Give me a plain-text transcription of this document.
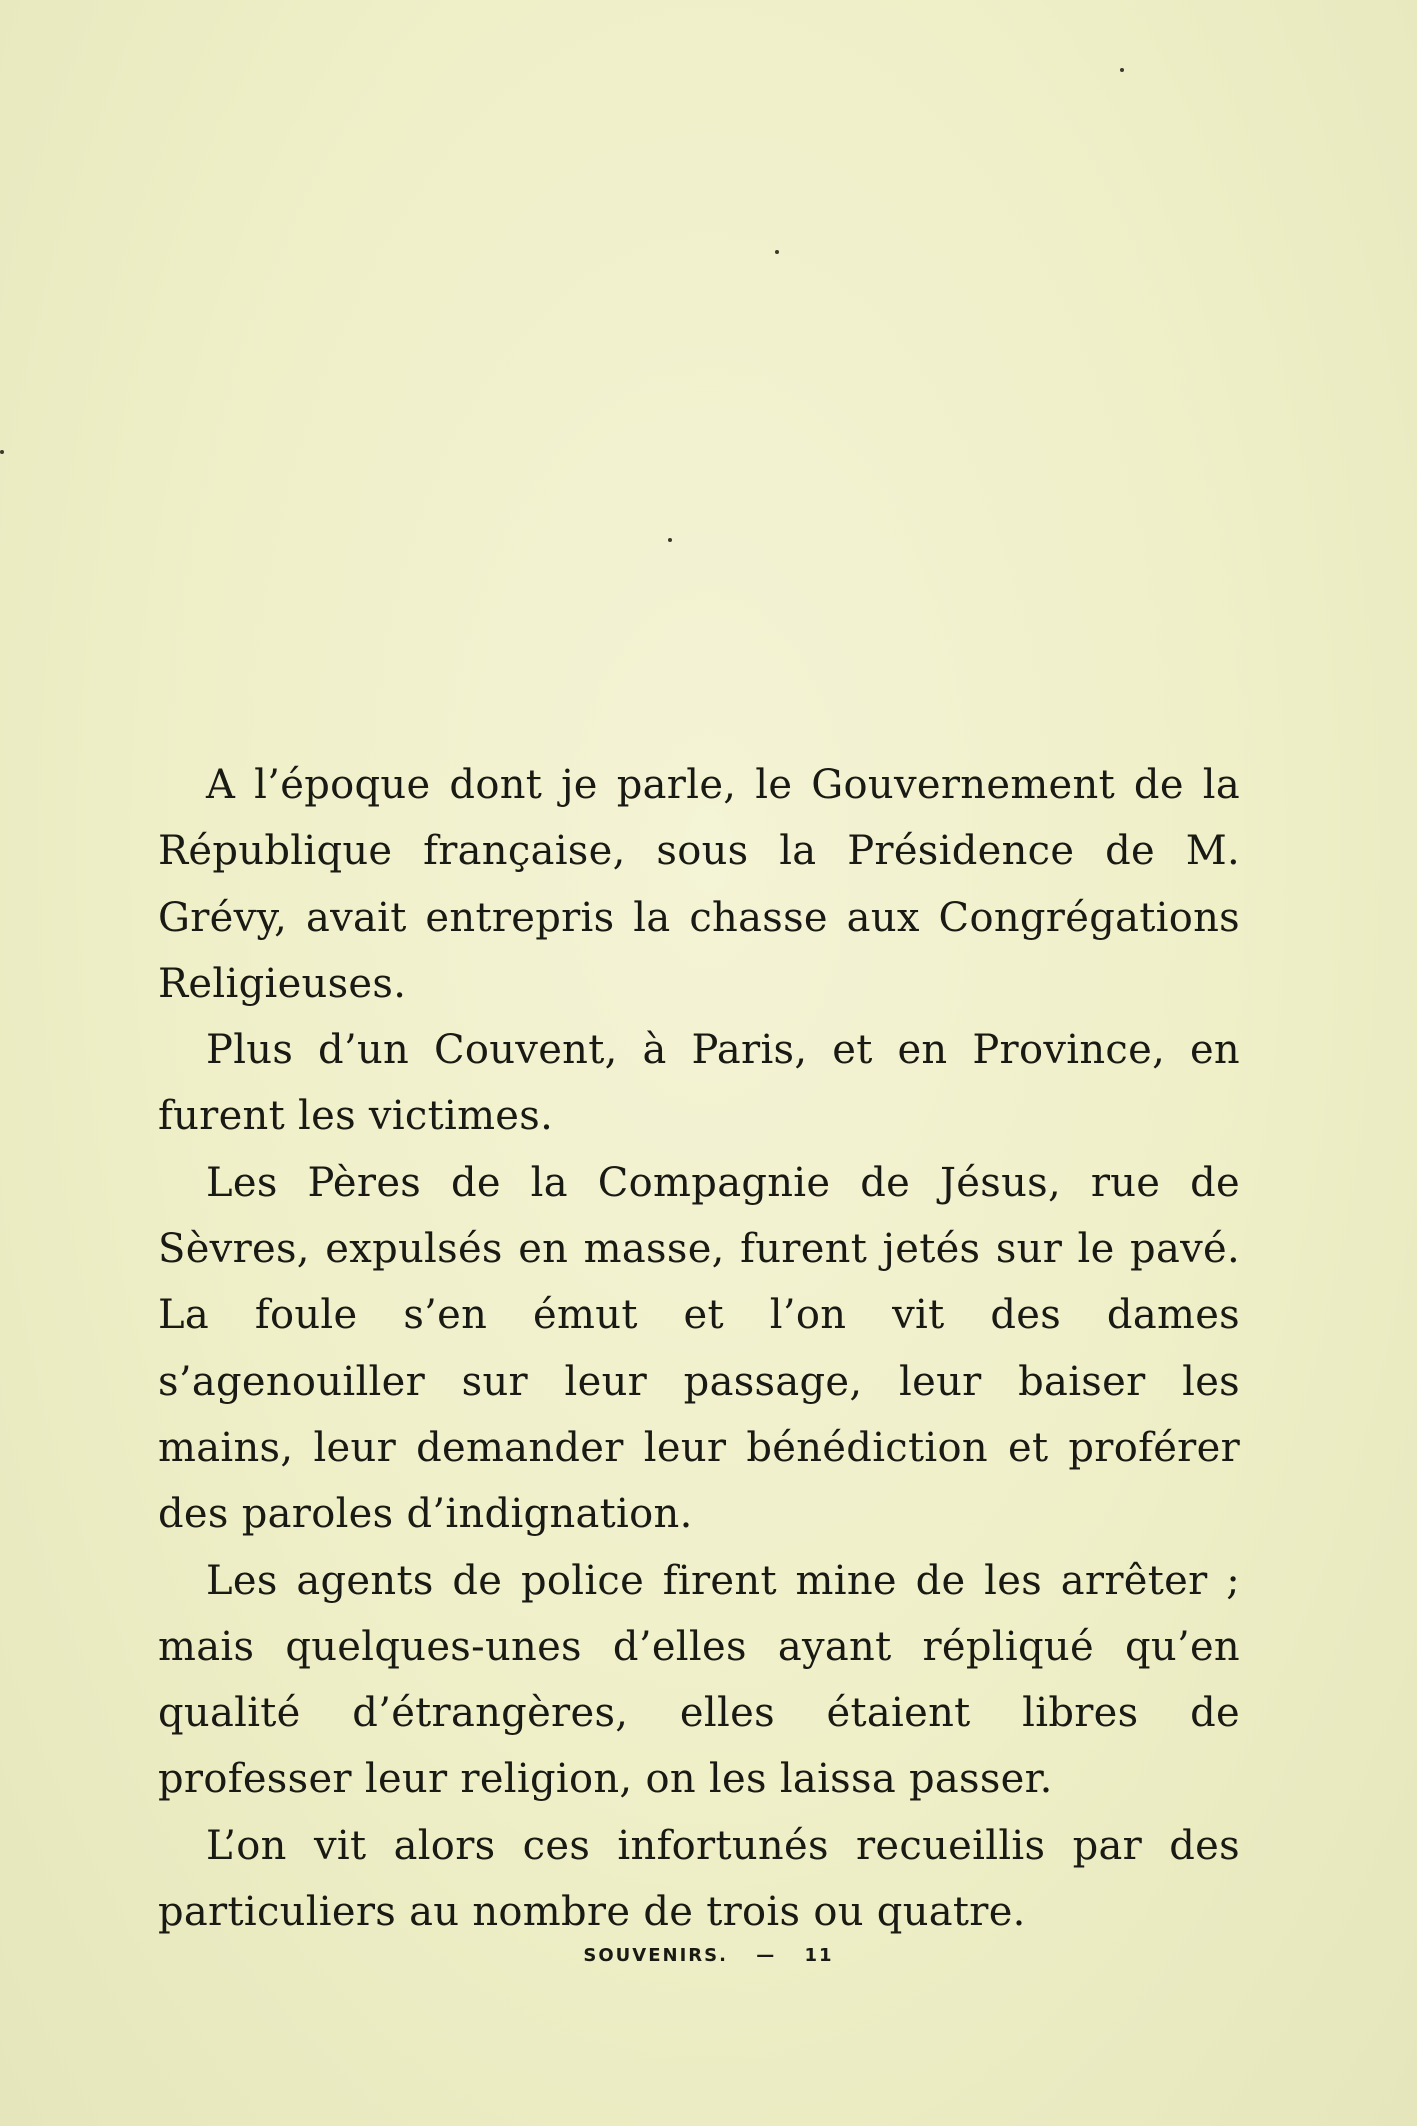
A l’époque dont je parle, le Gouvernement de la République française, sous la Présidence de M. Grévy, avait entrepris la chasse aux Congrégations Religieuses.

Plus d’un Couvent, à Paris, et en Province, en furent les victimes.

Les Pères de la Compagnie de Jésus, rue de Sèvres, expulsés en masse, furent jetés sur le pavé. La foule s’en émut et l’on vit des dames s’agenouiller sur leur passage, leur baiser les mains, leur demander leur bénédiction et proférer des paroles d’indignation.

Les agents de police firent mine de les arrêter ; mais quelques-unes d’elles ayant répliqué qu’en qualité d’étrangères, elles étaient libres de professer leur religion, on les laissa passer.

L’on vit alors ces infortunés recueillis par des particuliers au nombre de trois ou quatre.

SOUVENIRS. — 11
